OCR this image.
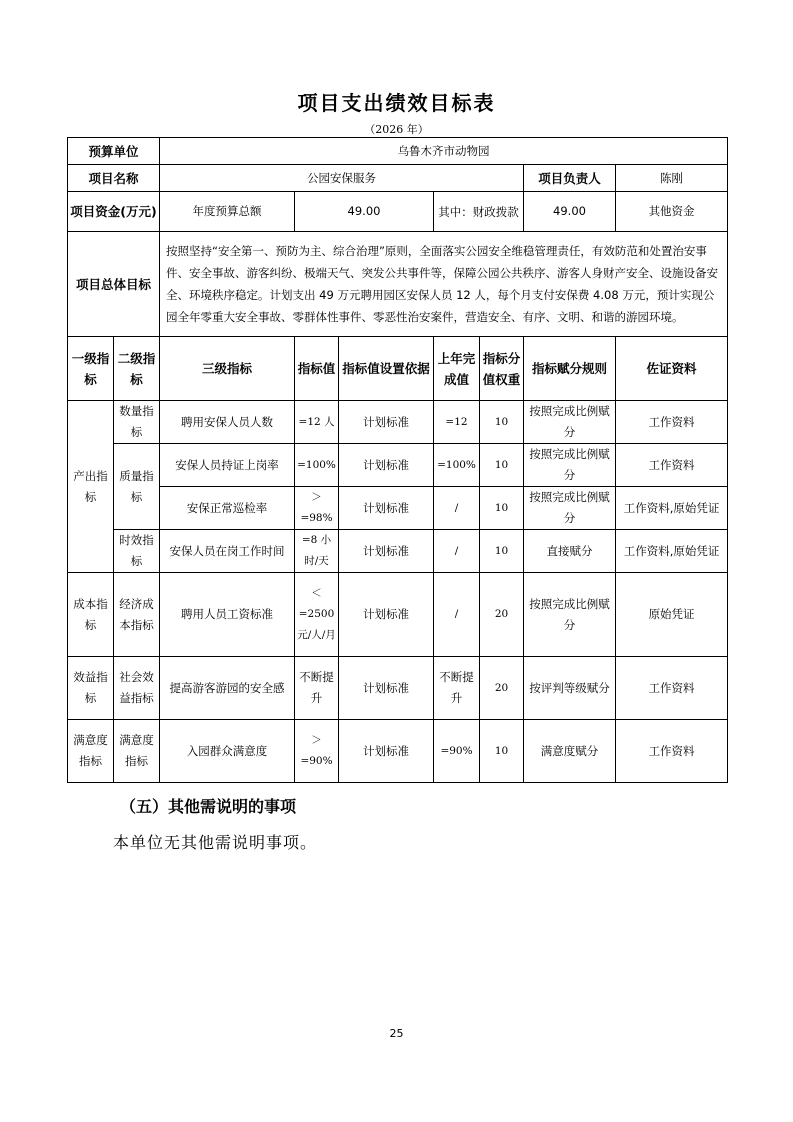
项目支出绩效目标表
（2026 年）
预算单位		乌鲁木齐市动物园							
项目名称		公园安保服务					项目负责人	陈刚	
项目资金(万元)		年度预算总额	49.00		其中：财政拨款		49.00	其他资金	

项目总体目标		按照坚持“安全第一、预防为主、综合治理”原则，全面落实公园安全维稳管理责任，有效防范和处置治安事件、安全事故、游客纠纷、极端天气、突发公共事件等，保障公园公共秩序、游客人身财产安全、设施设备安全、环境秩序稳定。计划支出 49 万元聘用园区安保人员 12 人，每个月支付安保费 4.08 万元，预计实现公园全年零重大安全事故、零群体性事件、零恶性治安案件，营造安全、有序、文明、和谐的游园环境。							
一级指标	二级指标	三级指标	指标值	指标值设置依据	上年完成值	指标分值权重	指标赋分规则	佐证资料	
产出指标	数量指标	聘用安保人员人数	=12 人	计划标准	=12	10	按照完成比例赋分	工作资料	
	质量指标	安保人员持证上岗率	=100%	计划标准	=100%	10	按照完成比例赋分	工作资料	
		安保正常巡检率	＞=98%	计划标准	/	10	按照完成比例赋分	工作资料,原始凭证	
	时效指标	安保人员在岗工作时间	=8 小时/天	计划标准	/	10	直接赋分	工作资料,原始凭证	
成本指标	经济成本指标	聘用人员工资标准	＜=2500元/人/月	计划标准	/	20	按照完成比例赋分	原始凭证	
效益指标	社会效益指标	提高游客游园的安全感	不断提升	计划标准	不断提升	20	按评判等级赋分	工作资料	
满意度指标	满意度指标	入园群众满意度	＞=90%	计划标准	=90%	10	满意度赋分	工作资料	
（五）其他需说明的事项
本单位无其他需说明事项。
25
